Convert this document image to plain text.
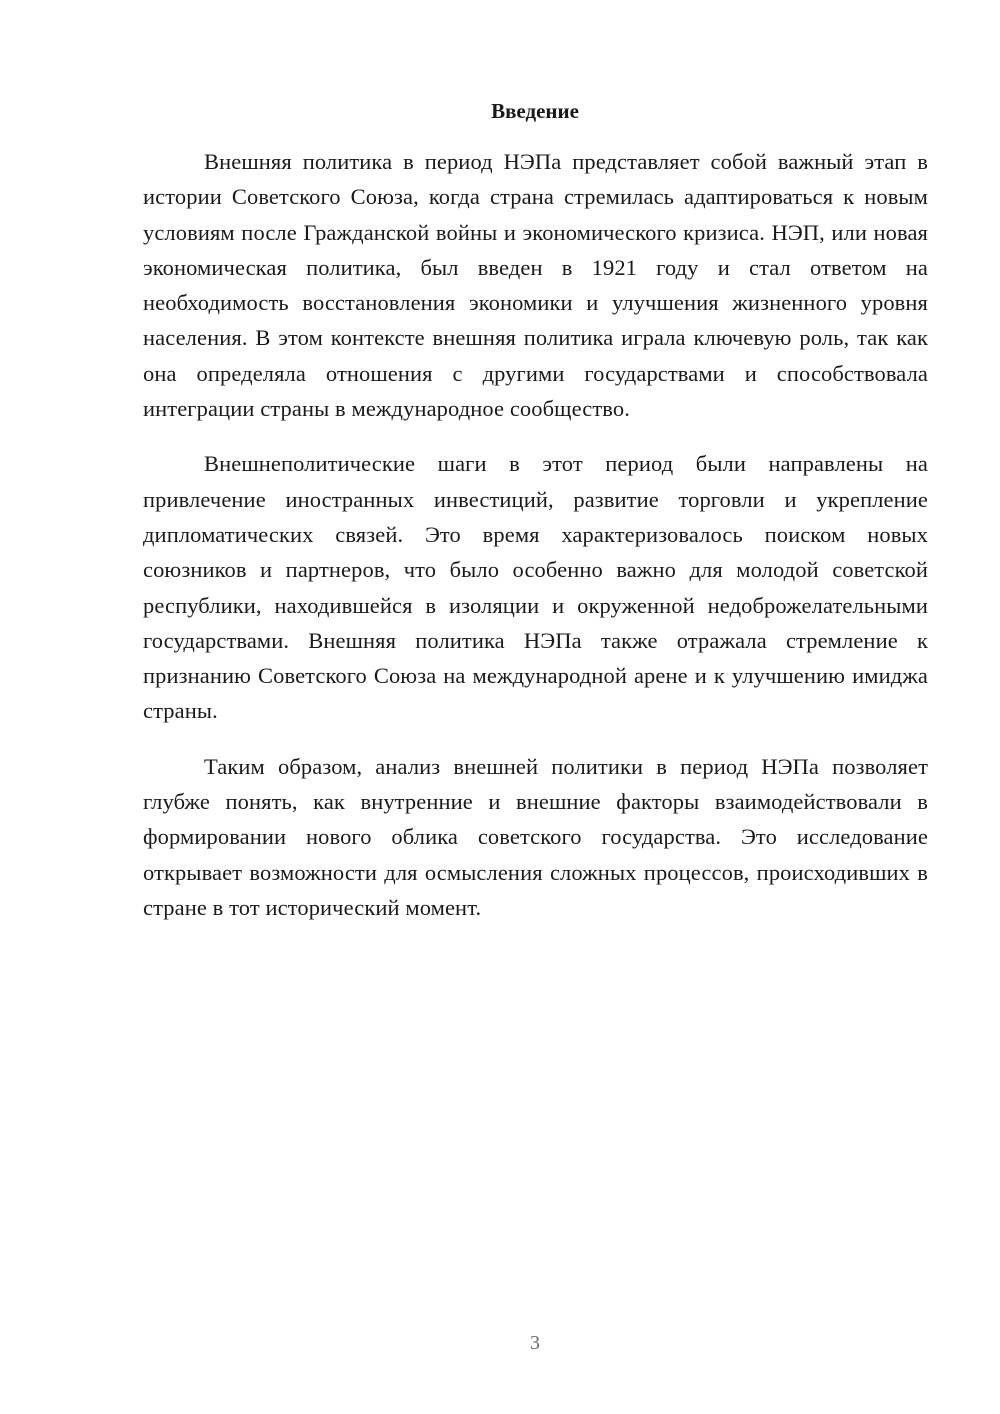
Введение

Внешняя политика в период НЭПа представляет собой важный этап в истории Советского Союза, когда страна стремилась адаптироваться к новым условиям после Гражданской войны и экономического кризиса. НЭП, или новая экономическая политика, был введен в 1921 году и стал ответом на необходимость восстановления экономики и улучшения жизненного уровня населения. В этом контексте внешняя политика играла ключевую роль, так как она определяла отношения с другими государствами и способствовала интеграции страны в международное сообщество.

Внешнеполитические шаги в этот период были направлены на привлечение иностранных инвестиций, развитие торговли и укрепление дипломатических связей. Это время характеризовалось поиском новых союзников и партнеров, что было особенно важно для молодой советской республики, находившейся в изоляции и окруженной недоброжелательными государствами. Внешняя политика НЭПа также отражала стремление к признанию Советского Союза на международной арене и к улучшению имиджа страны.

Таким образом, анализ внешней политики в период НЭПа позволяет глубже понять, как внутренние и внешние факторы взаимодействовали в формировании нового облика советского государства. Это исследование открывает возможности для осмысления сложных процессов, происходивших в стране в тот исторический момент.

3
